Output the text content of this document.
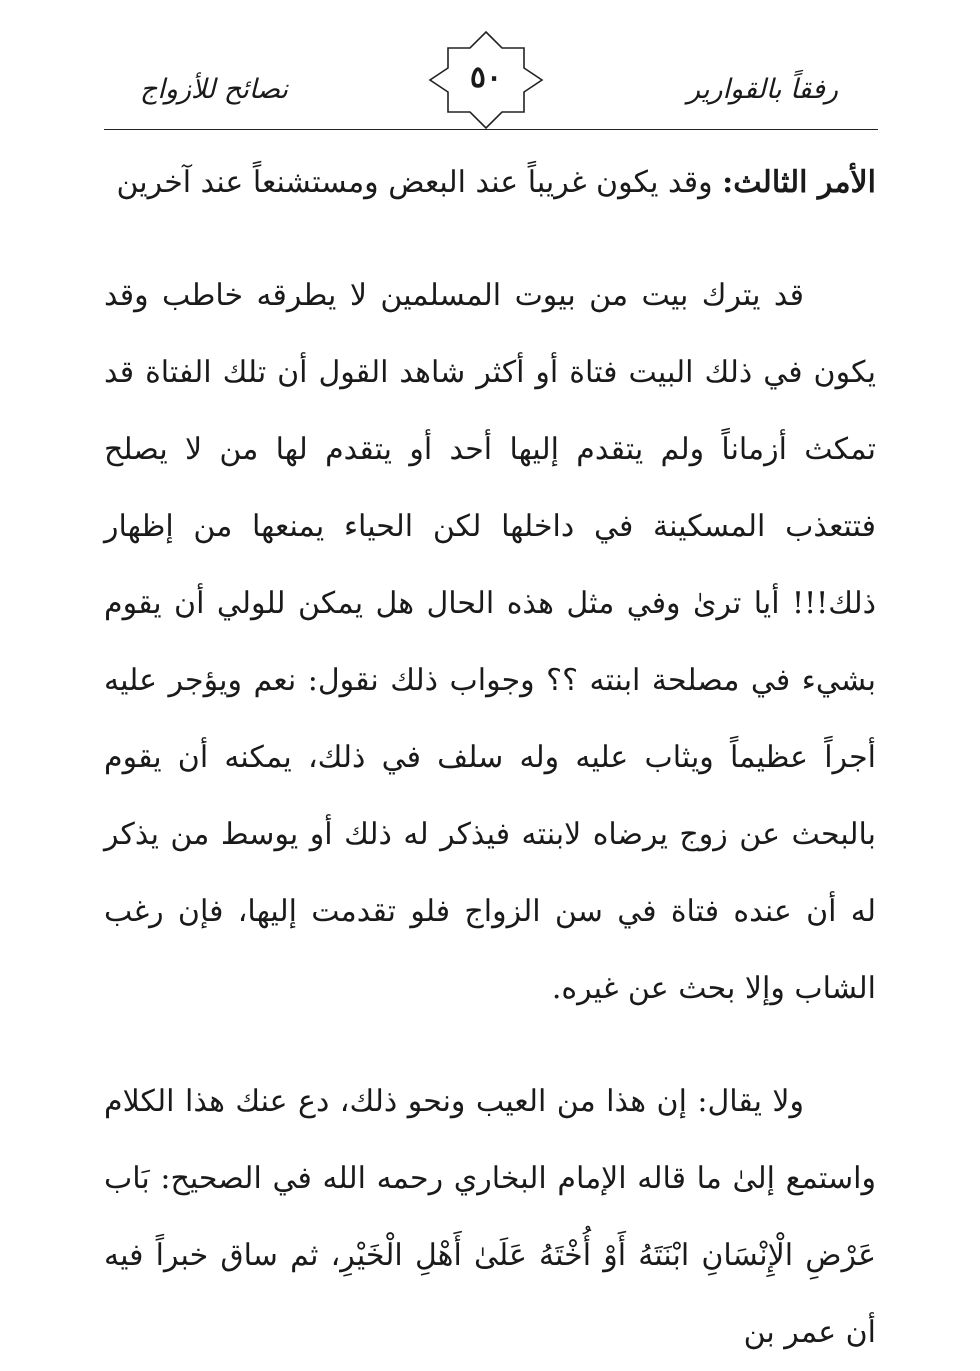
رفقاً بالقوارير
٥٠
نصائح للأزواج

الأمر الثالث: وقد يكون غريباً عند البعض ومستشنعاً عند آخرين

قد يترك بيت من بيوت المسلمين لا يطرقه خاطب وقد يكون في ذلك البيت فتاة أو أكثر شاهد القول أن تلك الفتاة قد تمكث أزماناً ولم يتقدم إليها أحد أو يتقدم لها من لا يصلح فتتعذب المسكينة في داخلها لكن الحياء يمنعها من إظهار ذلك!!! أيا ترىٰ وفي مثل هذه الحال هل يمكن للولي أن يقوم بشيء في مصلحة ابنته ؟؟ وجواب ذلك نقول: نعم ويؤجر عليه أجراً عظيماً ويثاب عليه وله سلف في ذلك، يمكنه أن يقوم بالبحث عن زوج يرضاه لابنته فيذكر له ذلك أو يوسط من يذكر له أن عنده فتاة في سن الزواج فلو تقدمت إليها، فإن رغب الشاب وإلا بحث عن غيره.

ولا يقال: إن هذا من العيب ونحو ذلك، دع عنك هذا الكلام واستمع إلىٰ ما قاله الإمام البخاري رحمه الله في الصحيح: بَاب عَرْضِ الْإِنْسَانِ ابْنَتَهُ أَوْ أُخْتَهُ عَلَىٰ أَهْلِ الْخَيْرِ، ثم ساق خبراً فيه أن عمر بن
